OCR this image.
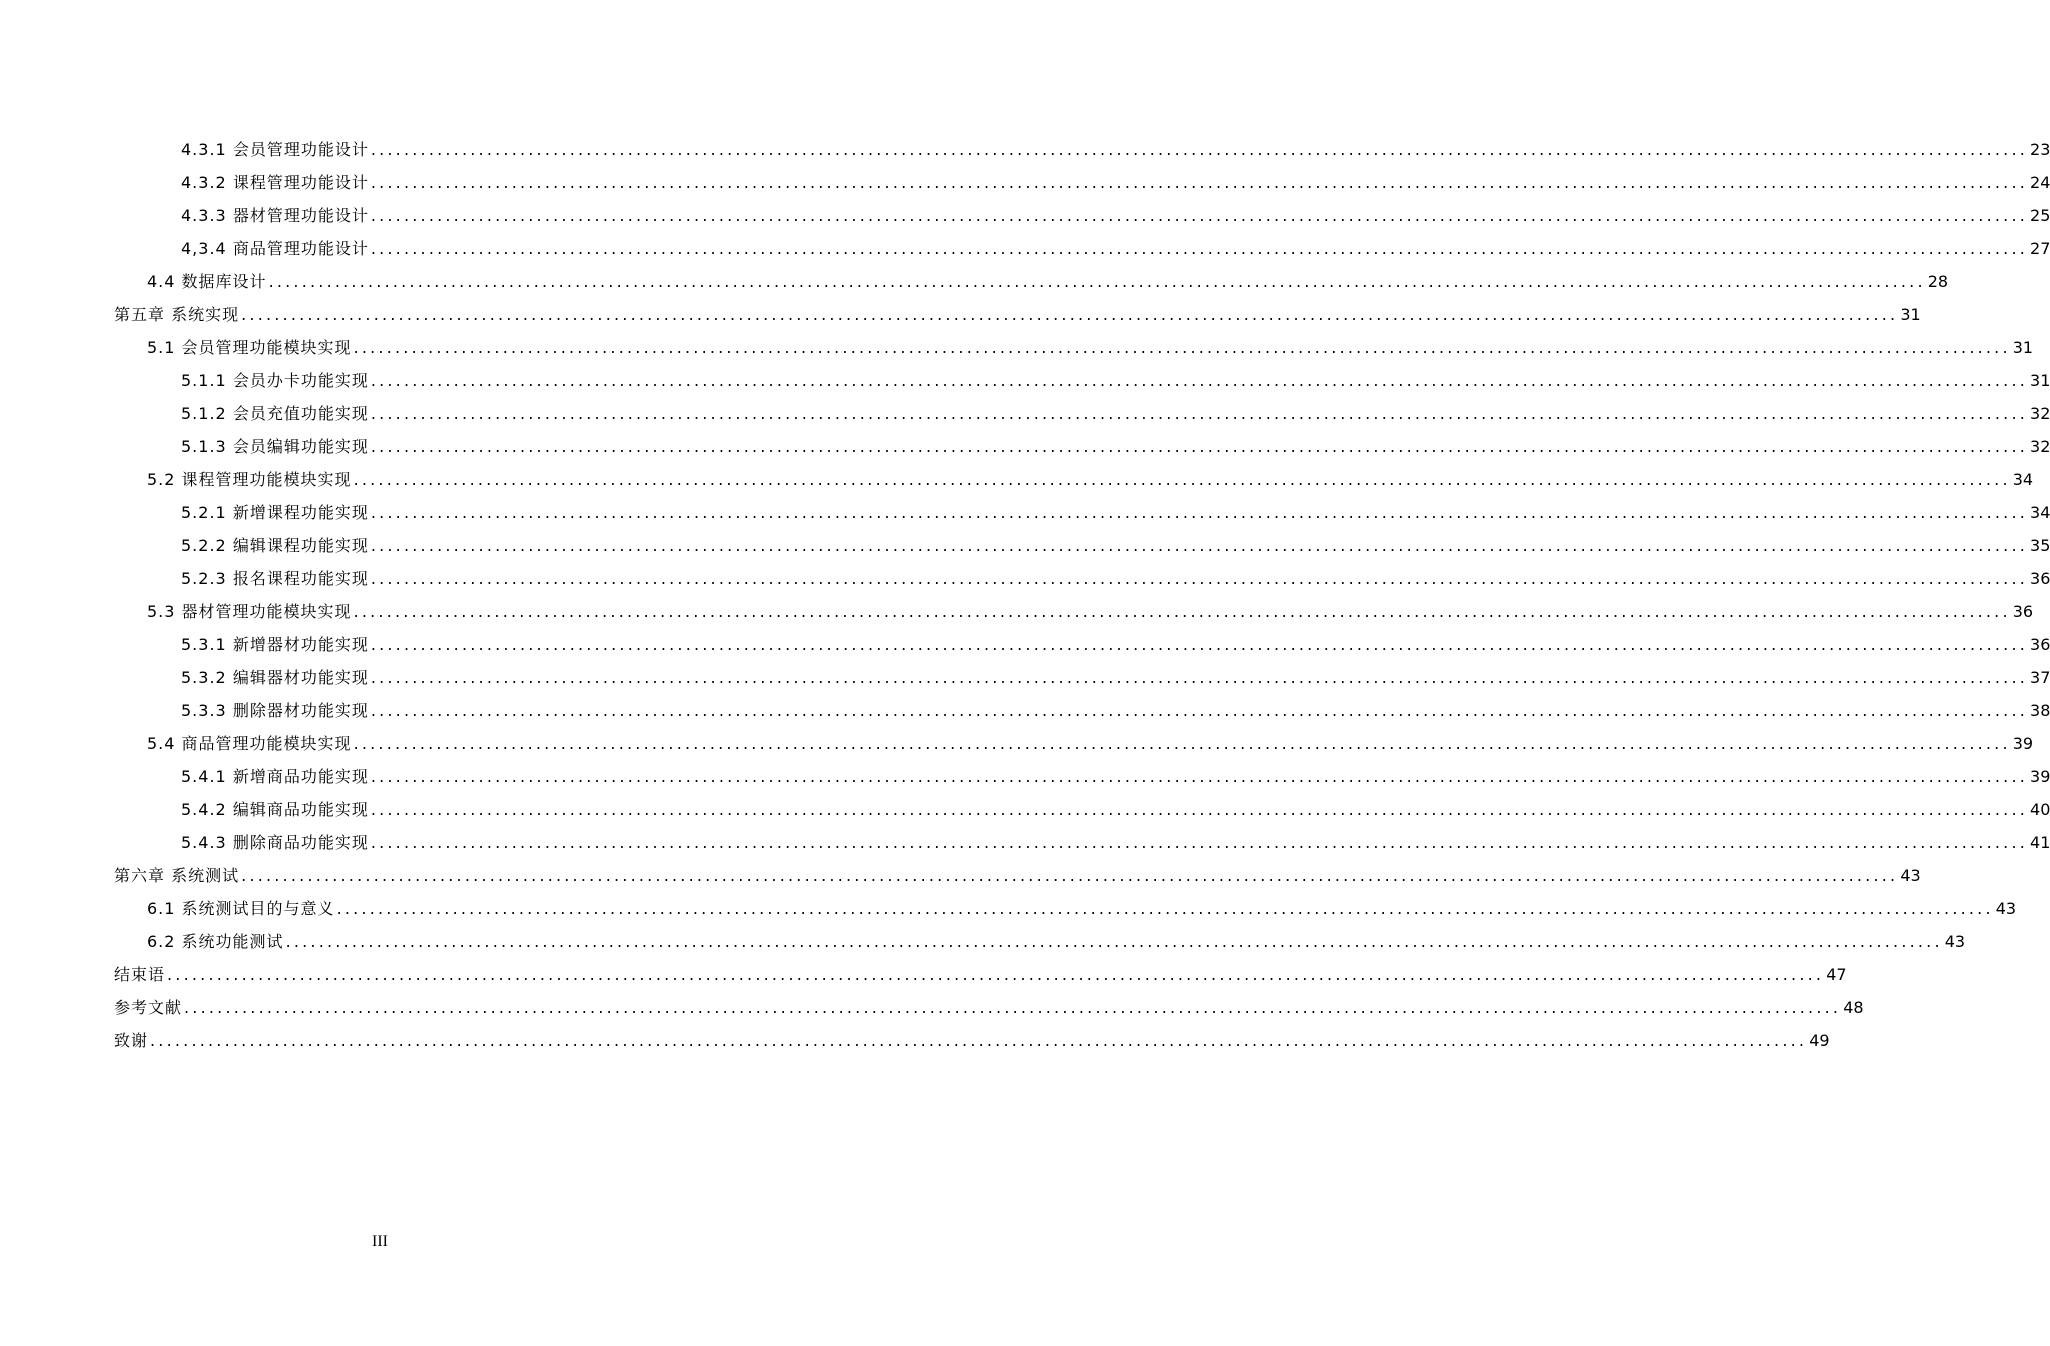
4.3.1
会员管理功能设计 ........................................................................................................................................................................................................ 23
4.3.2
课程管理功能设计 ........................................................................................................................................................................................................ 24
4.3.3
器材管理功能设计 ........................................................................................................................................................................................................ 25
4,3.4
商品管理功能设计 ........................................................................................................................................................................................................ 27
4.4
数据库设计 ........................................................................................................................................................................................................ 28
第五章
系统实现 ........................................................................................................................................................................................................ 31
5.1
会员管理功能模块实现 ........................................................................................................................................................................................................ 31
5.1.1
会员办卡功能实现 ........................................................................................................................................................................................................ 31
5.1.2
会员充值功能实现 ........................................................................................................................................................................................................ 32
5.1.3
会员编辑功能实现 ........................................................................................................................................................................................................ 32
5.2
课程管理功能模块实现 ........................................................................................................................................................................................................ 34
5.2.1
新增课程功能实现 ........................................................................................................................................................................................................ 34
5.2.2
编辑课程功能实现 ........................................................................................................................................................................................................ 35
5.2.3
报名课程功能实现 ........................................................................................................................................................................................................ 36
5.3
器材管理功能模块实现 ........................................................................................................................................................................................................ 36
5.3.1
新增器材功能实现 ........................................................................................................................................................................................................ 36
5.3.2
编辑器材功能实现 ........................................................................................................................................................................................................ 37
5.3.3
删除器材功能实现 ........................................................................................................................................................................................................ 38
5.4
商品管理功能模块实现 ........................................................................................................................................................................................................ 39
5.4.1
新增商品功能实现 ........................................................................................................................................................................................................ 39
5.4.2
编辑商品功能实现 ........................................................................................................................................................................................................ 40
5.4.3
删除商品功能实现 ........................................................................................................................................................................................................ 41
第六章
系统测试 ........................................................................................................................................................................................................ 43
6.1
系统测试目的与意义 ........................................................................................................................................................................................................ 43
6.2
系统功能测试 ........................................................................................................................................................................................................ 43
结束语 ........................................................................................................................................................................................................ 47
参考文献 ........................................................................................................................................................................................................ 48
致谢 ........................................................................................................................................................................................................ 49
III
